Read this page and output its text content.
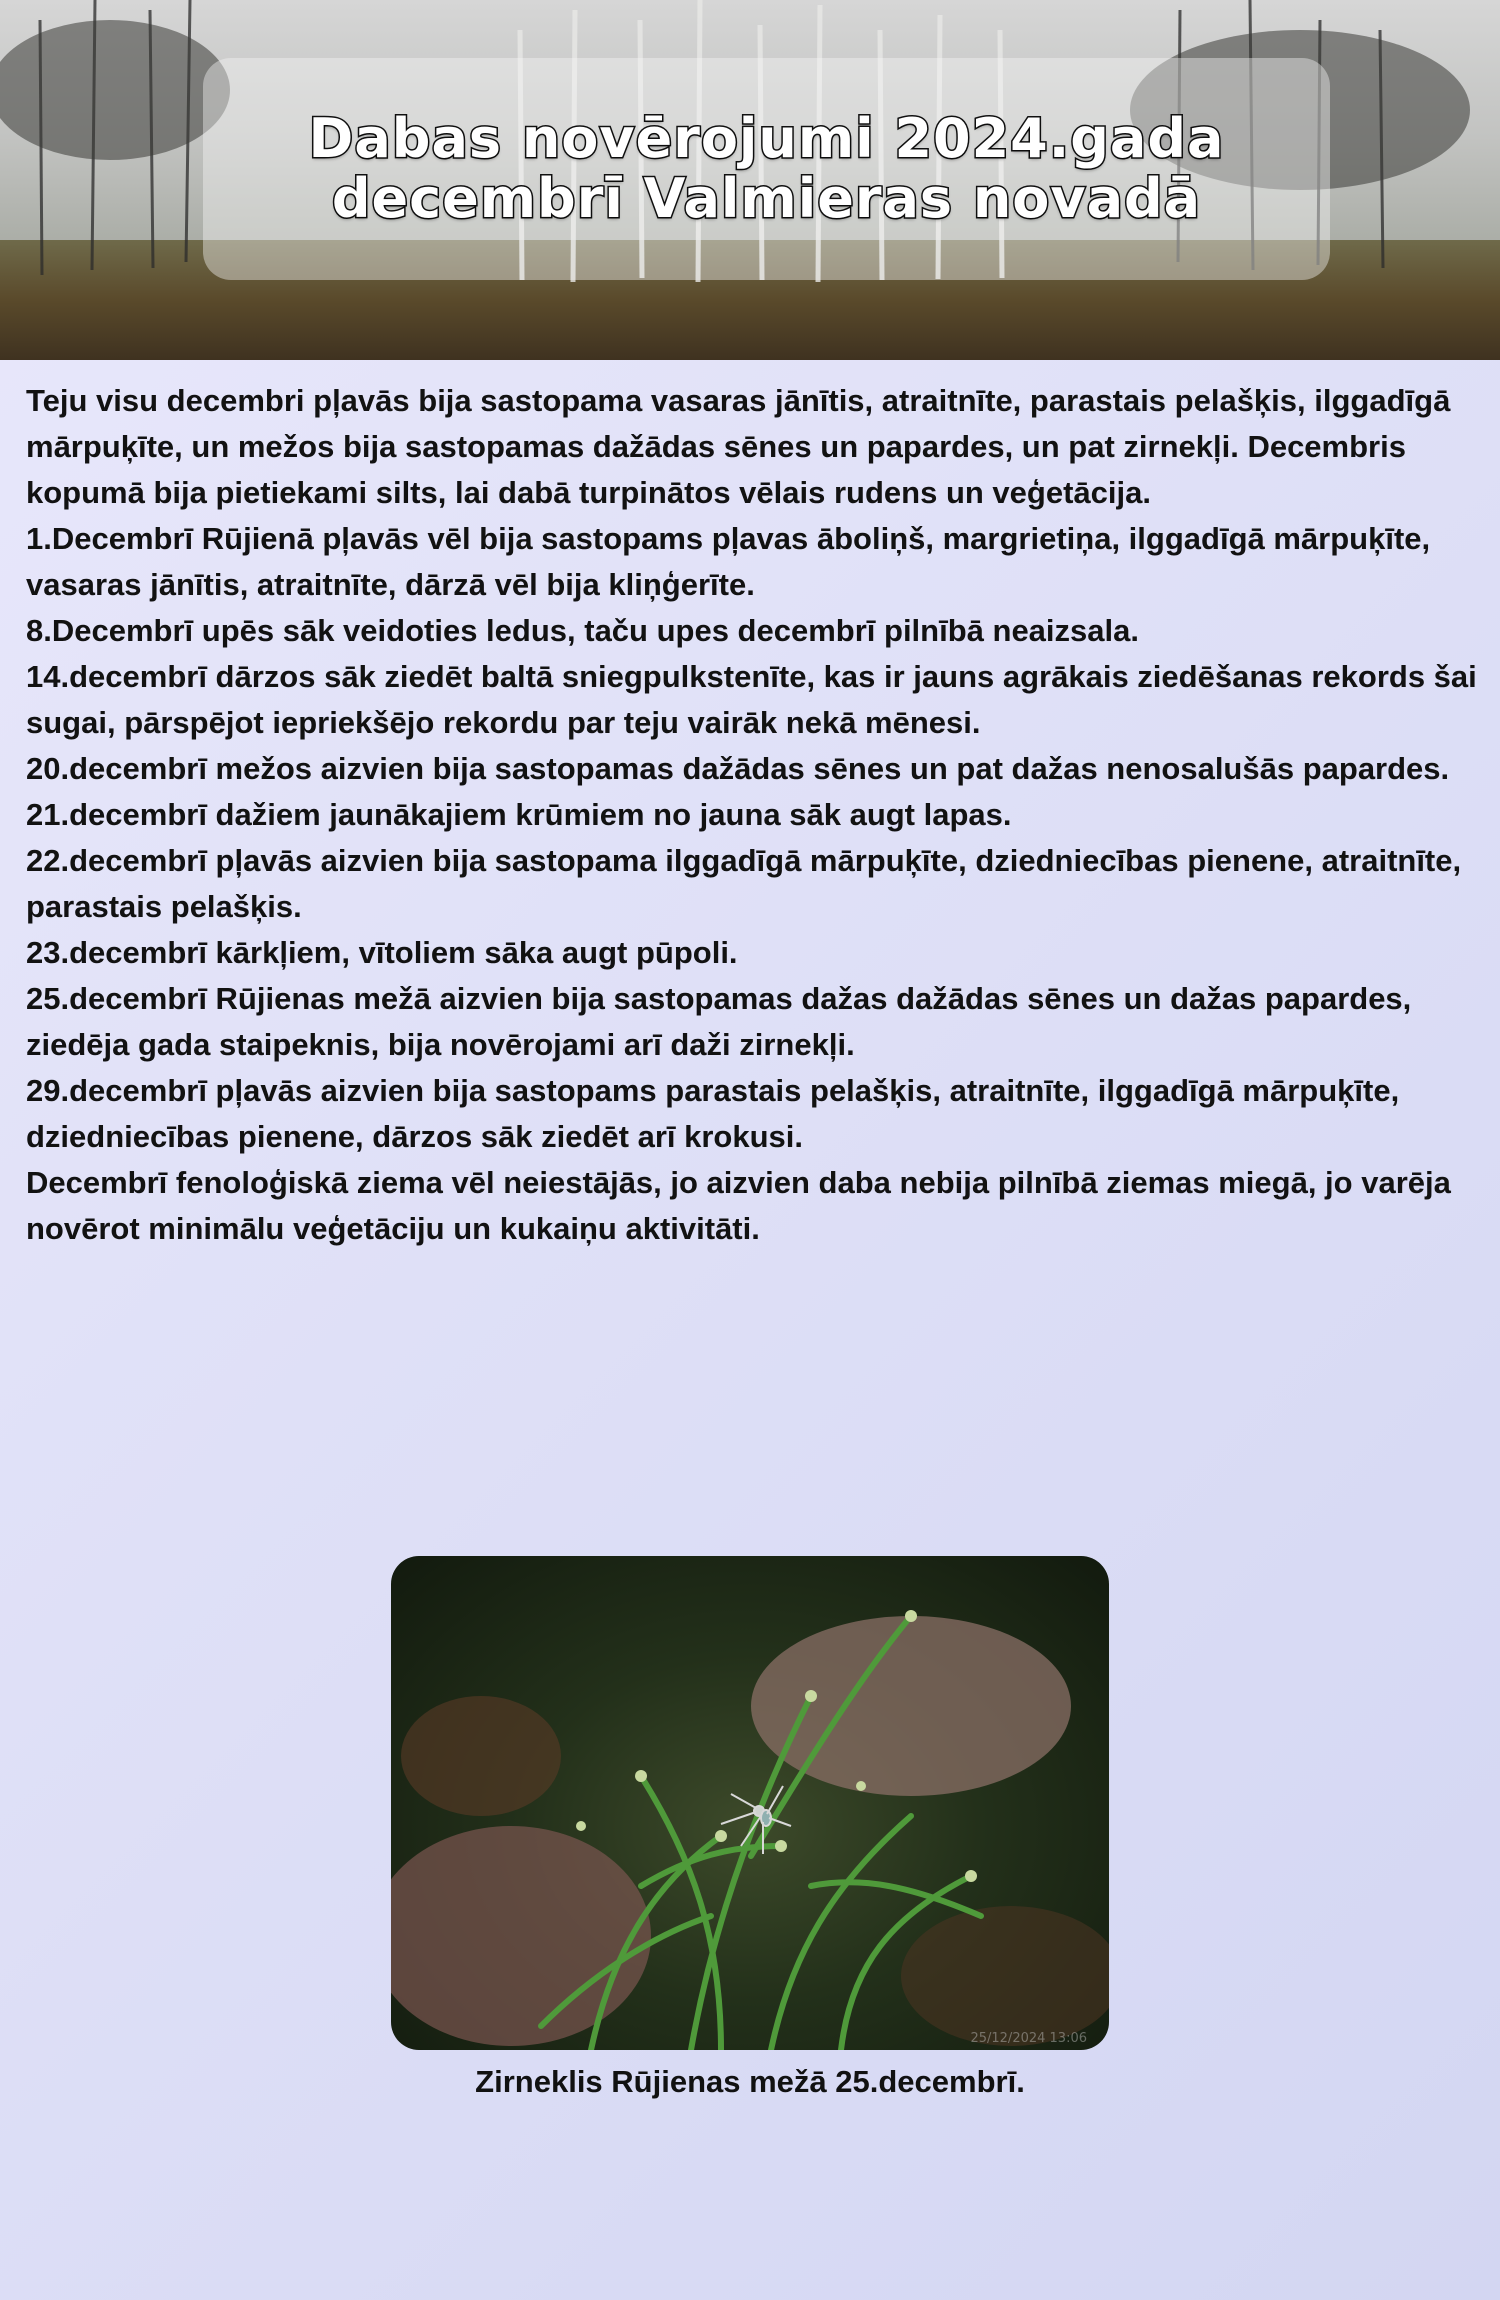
Dabas novērojumi 2024.gada
decembrī Valmieras novadā

Teju visu decembri pļavās bija sastopama vasaras jānītis, atraitnīte, parastais pelašķis, ilggadīgā mārpuķīte, un mežos bija sastopamas dažādas sēnes un papardes, un pat zirnekļi. Decembris kopumā bija pietiekami silts, lai dabā turpinātos vēlais rudens un veģetācija.

1.Decembrī Rūjienā pļavās vēl bija sastopams pļavas āboliņš, margrietiņa, ilggadīgā mārpuķīte, vasaras jānītis, atraitnīte, dārzā vēl bija kliņģerīte.

8.Decembrī upēs sāk veidoties ledus, taču upes decembrī pilnībā neaizsala.

14.decembrī dārzos sāk ziedēt baltā sniegpulkstenīte, kas ir jauns agrākais ziedēšanas rekords šai sugai, pārspējot iepriekšējo rekordu par teju vairāk nekā mēnesi.

20.decembrī mežos aizvien bija sastopamas dažādas sēnes un pat dažas nenosalušās papardes.

21.decembrī dažiem jaunākajiem krūmiem no jauna sāk augt lapas.

22.decembrī pļavās aizvien bija sastopama ilggadīgā mārpuķīte, dziedniecības pienene, atraitnīte, parastais pelašķis.

23.decembrī kārkļiem, vītoliem sāka augt pūpoli.

25.decembrī Rūjienas mežā aizvien bija sastopamas dažas dažādas sēnes un dažas papardes, ziedēja gada staipeknis, bija novērojami arī daži zirnekļi.

29.decembrī pļavās aizvien bija sastopams parastais pelašķis, atraitnīte, ilggadīgā mārpuķīte, dziedniecības pienene, dārzos sāk ziedēt arī krokusi.

Decembrī fenoloģiskā ziema vēl neiestājās, jo aizvien daba nebija pilnībā ziemas miegā, jo varēja novērot minimālu veģetāciju un kukaiņu aktivitāti.

25/12/2024 13:06
Zirneklis Rūjienas mežā 25.decembrī.
